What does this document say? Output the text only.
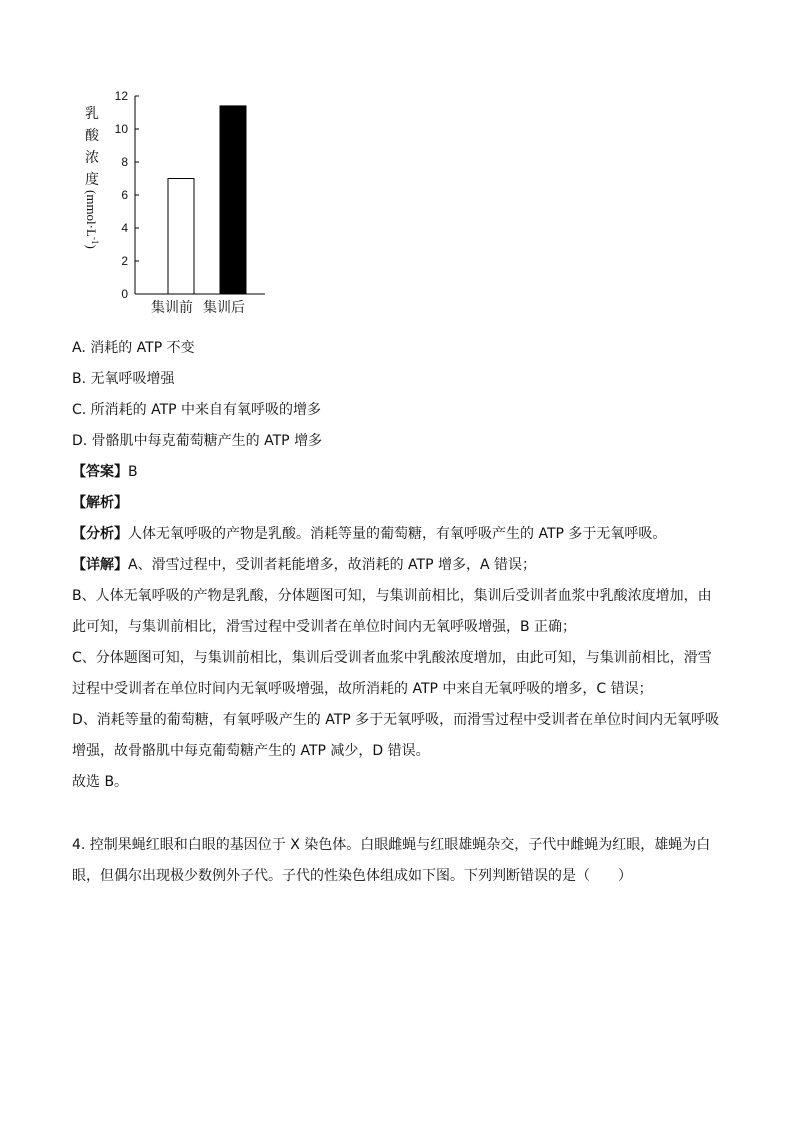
乳
酸
浓
度
$(mmol\cdot L^{-1})$
0
2
4
6
8
10
12
集训前 集训后
A. 消耗的 ATP 不变
B. 无氧呼吸增强
C. 所消耗的 ATP 中来自有氧呼吸的增多
D. 骨骼肌中每克葡萄糖产生的 ATP 增多
【答案】B
【解析】
【分析】人体无氧呼吸的产物是乳酸。消耗等量的葡萄糖，有氧呼吸产生的 ATP 多于无氧呼吸。
【详解】A、滑雪过程中，受训者耗能增多，故消耗的 ATP 增多，A 错误；
B、人体无氧呼吸的产物是乳酸，分体题图可知，与集训前相比，集训后受训者血浆中乳酸浓度增加，由
此可知，与集训前相比，滑雪过程中受训者在单位时间内无氧呼吸增强，B 正确；
C、分体题图可知，与集训前相比，集训后受训者血浆中乳酸浓度增加，由此可知，与集训前相比，滑雪
过程中受训者在单位时间内无氧呼吸增强，故所消耗的 ATP 中来自无氧呼吸的增多，C 错误；
D、消耗等量的葡萄糖，有氧呼吸产生的 ATP 多于无氧呼吸，而滑雪过程中受训者在单位时间内无氧呼吸
增强，故骨骼肌中每克葡萄糖产生的 ATP 减少，D 错误。
故选 B。
4. 控制果蝇红眼和白眼的基因位于 X 染色体。白眼雌蝇与红眼雄蝇杂交，子代中雌蝇为红眼，雄蝇为白
眼，但偶尔出现极少数例外子代。子代的性染色体组成如下图。下列判断错误的是（　　）
